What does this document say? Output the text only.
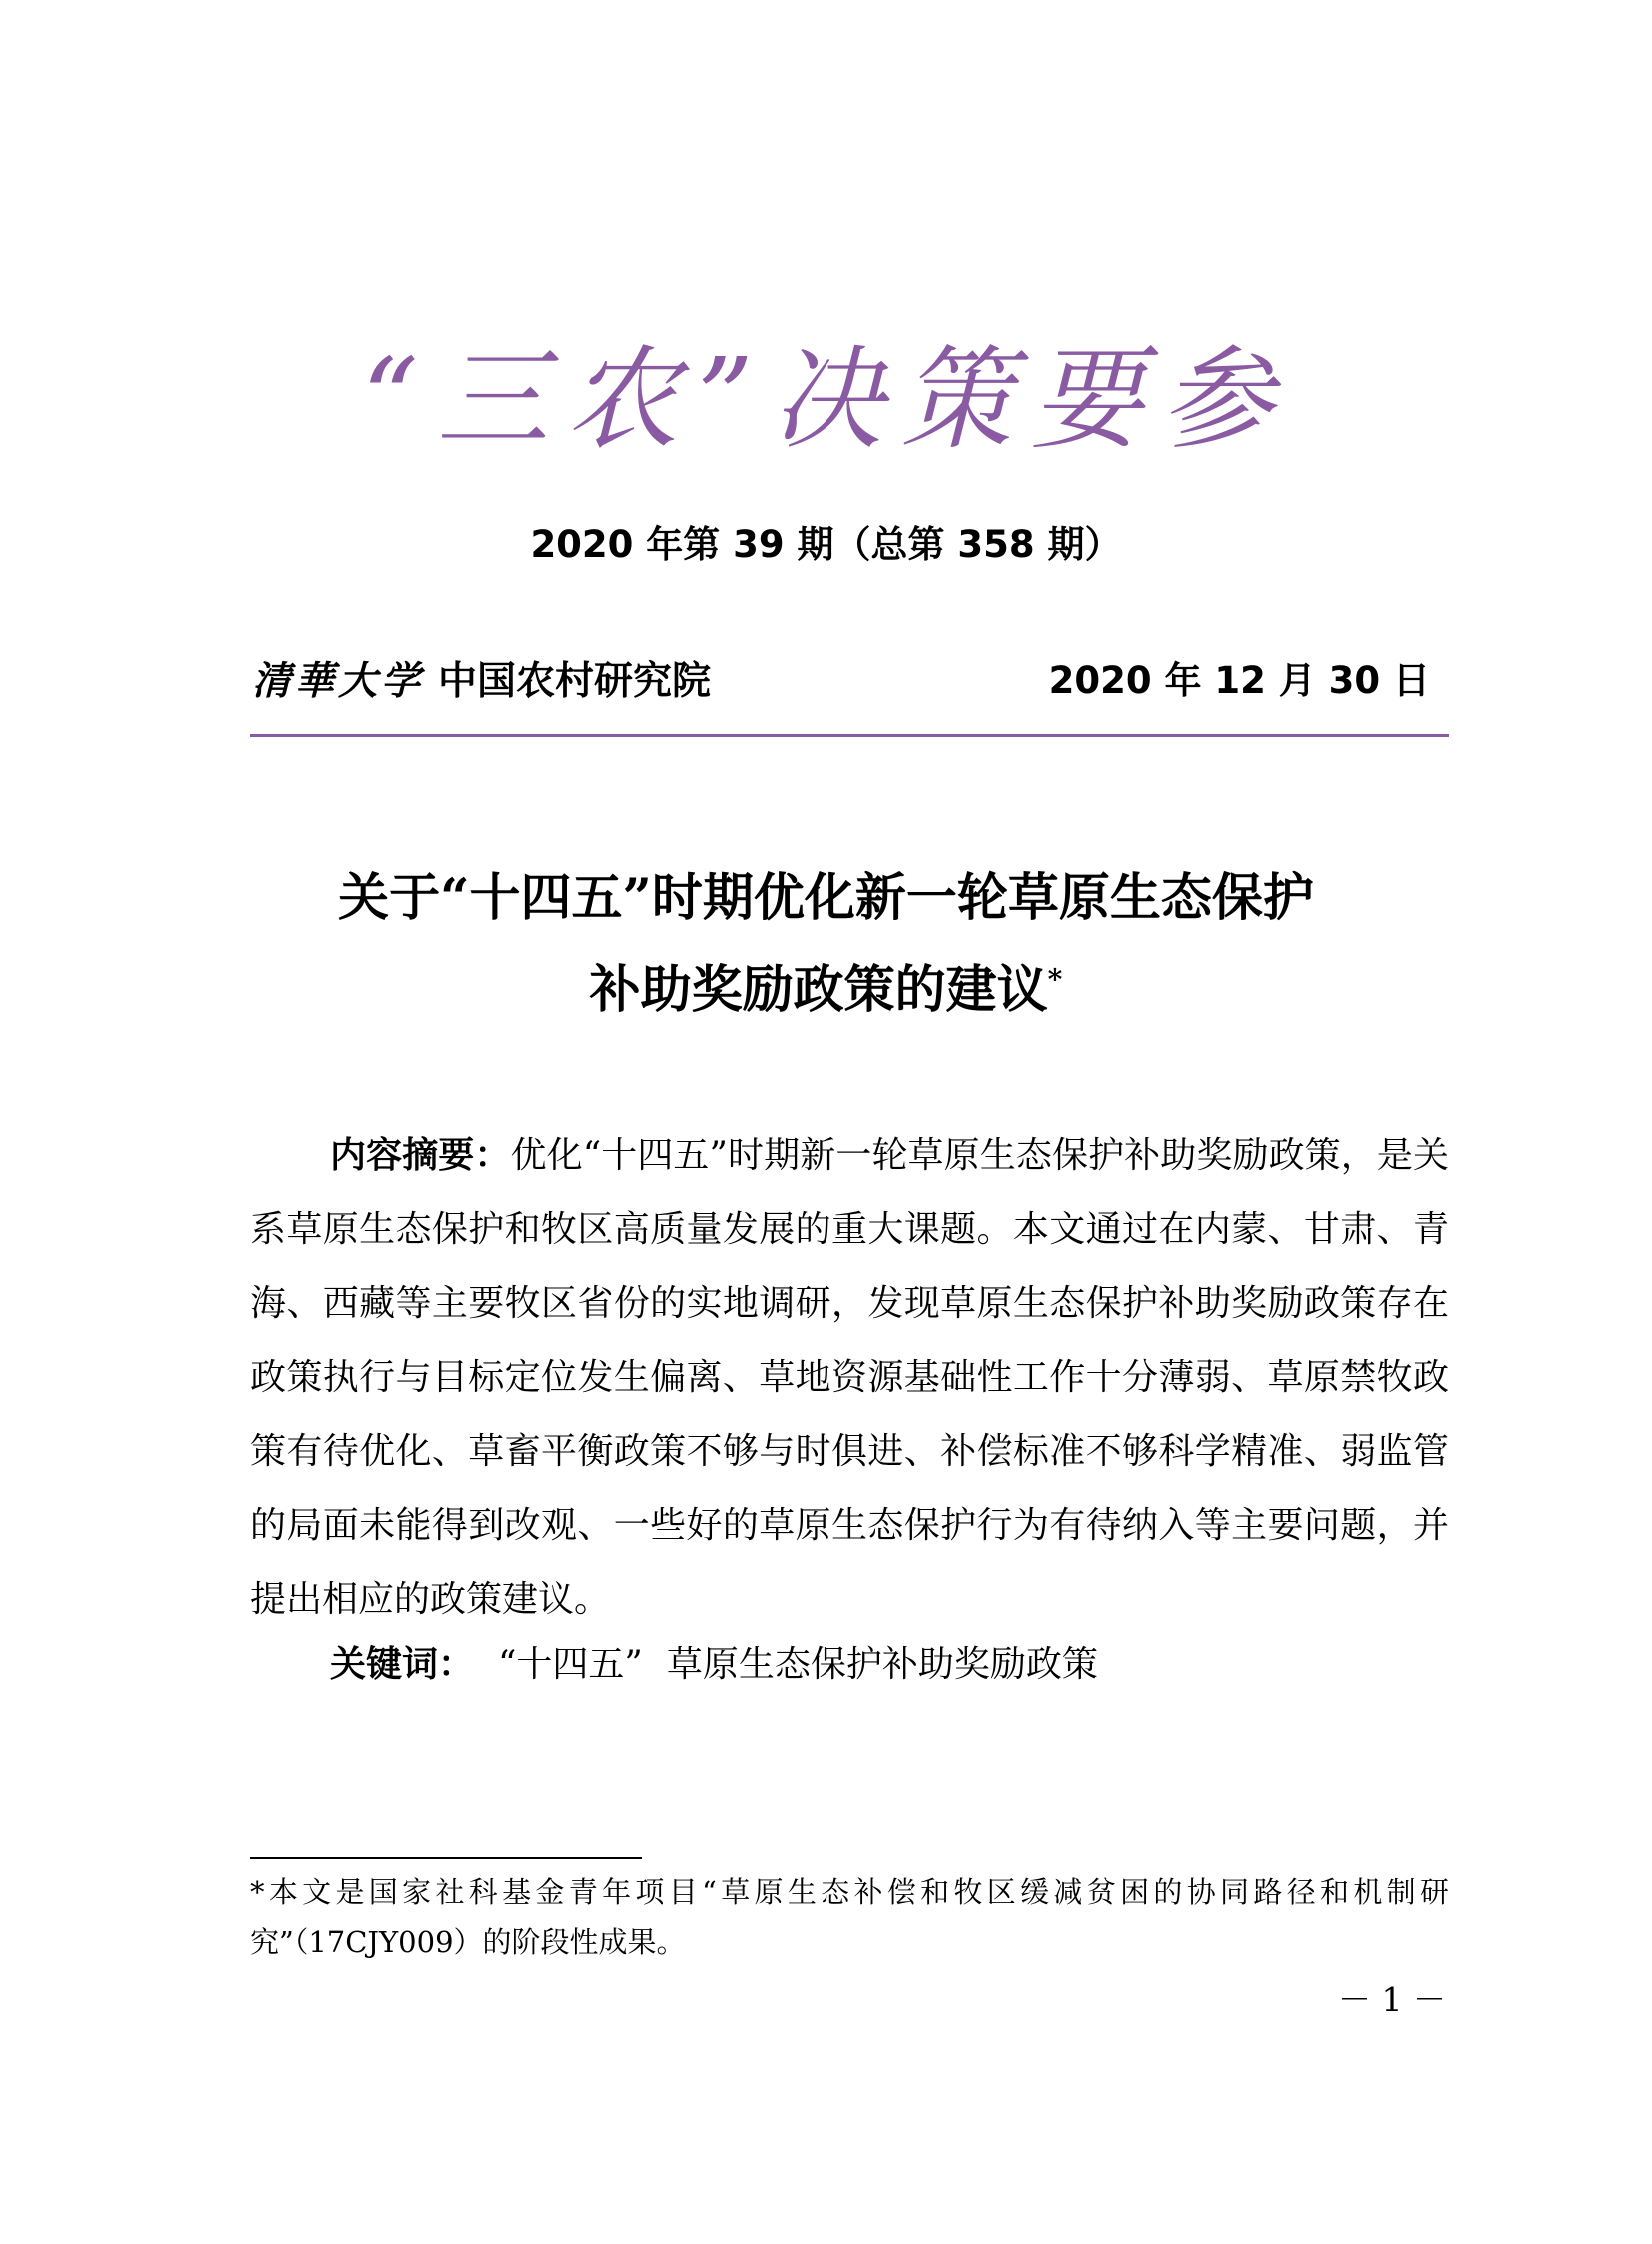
“三农”决策要参
2020 年第 39 期（总第 358 期）
清華大学 中国农村研究院	2020 年 12 月 30 日
关于“十四五”时期优化新一轮草原生态保护
补助奖励政策的建议*
内容摘要：优化“十四五”时期新一轮草原生态保护补助奖励政策，是关系草原生态保护和牧区高质量发展的重大课题。本文通过在内蒙、甘肃、青海、西藏等主要牧区省份的实地调研，发现草原生态保护补助奖励政策存在政策执行与目标定位发生偏离、草地资源基础性工作十分薄弱、草原禁牧政策有待优化、草畜平衡政策不够与时俱进、补偿标准不够科学精准、弱监管的局面未能得到改观、一些好的草原生态保护行为有待纳入等主要问题，并提出相应的政策建议。
关键词： “十四五” 草原生态保护补助奖励政策
*本文是国家社科基金青年项目“草原生态补偿和牧区缓减贫困的协同路径和机制研究”（17CJY009）的阶段性成果。
－ 1 －
